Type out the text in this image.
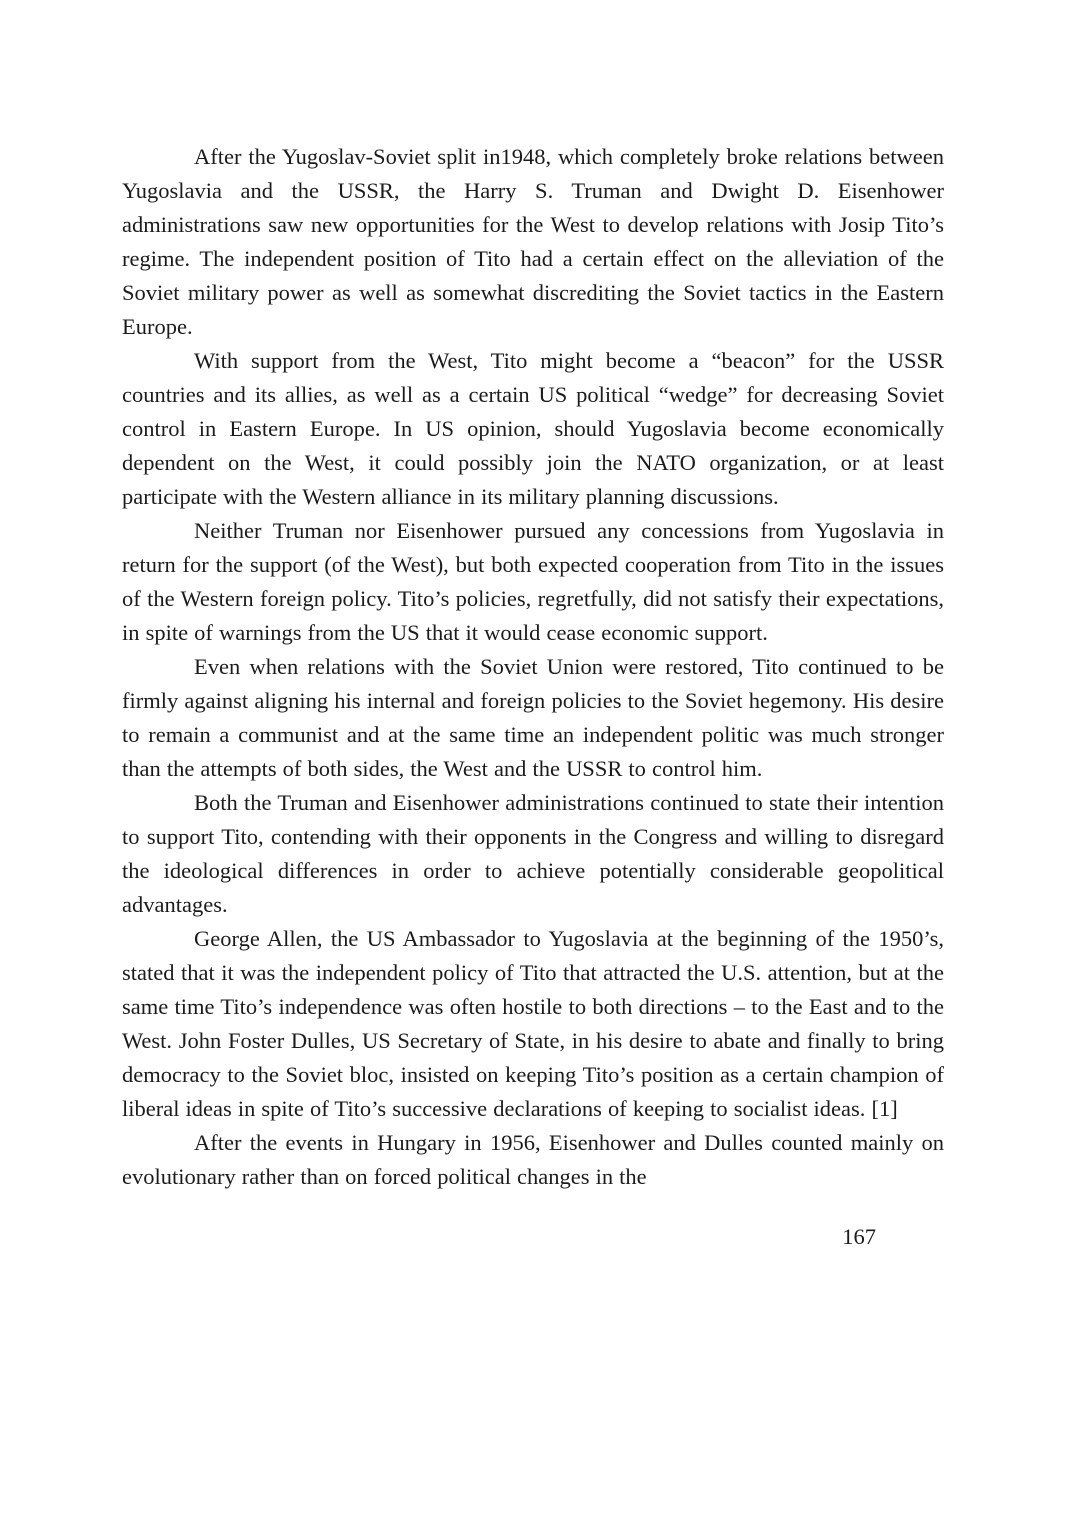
After the Yugoslav-Soviet split in1948, which completely broke relations between Yugoslavia and the USSR, the Harry S. Truman and Dwight D. Eisenhower administrations saw new opportunities for the West to develop relations with Josip Tito’s regime. The independent position of Tito had a certain effect on the alleviation of the Soviet military power as well as somewhat discrediting the Soviet tactics in the Eastern Europe.

With support from the West, Tito might become a “beacon” for the USSR countries and its allies, as well as a certain US political “wedge” for decreasing Soviet control in Eastern Europe. In US opinion, should Yugoslavia become economically dependent on the West, it could possibly join the NATO organization, or at least participate with the Western alliance in its military planning discussions.

Neither Truman nor Eisenhower pursued any concessions from Yugoslavia in return for the support (of the West), but both expected cooperation from Tito in the issues of the Western foreign policy. Tito’s policies, regretfully, did not satisfy their expectations, in spite of warnings from the US that it would cease economic support.

Even when relations with the Soviet Union were restored, Tito continued to be firmly against aligning his internal and foreign policies to the Soviet hegemony. His desire to remain a communist and at the same time an independent politic was much stronger than the attempts of both sides, the West and the USSR to control him.

Both the Truman and Eisenhower administrations continued to state their intention to support Tito, contending with their opponents in the Congress and willing to disregard the ideological differences in order to achieve potentially considerable geopolitical advantages.

George Allen, the US Ambassador to Yugoslavia at the beginning of the 1950’s, stated that it was the independent policy of Tito that attracted the U.S. attention, but at the same time Tito’s independence was often hostile to both directions – to the East and to the West. John Foster Dulles, US Secretary of State, in his desire to abate and finally to bring democracy to the Soviet bloc, insisted on keeping Tito’s position as a certain champion of liberal ideas in spite of Tito’s successive declarations of keeping to socialist ideas. [1]

After the events in Hungary in 1956, Eisenhower and Dulles counted mainly on evolutionary rather than on forced political changes in the

167
